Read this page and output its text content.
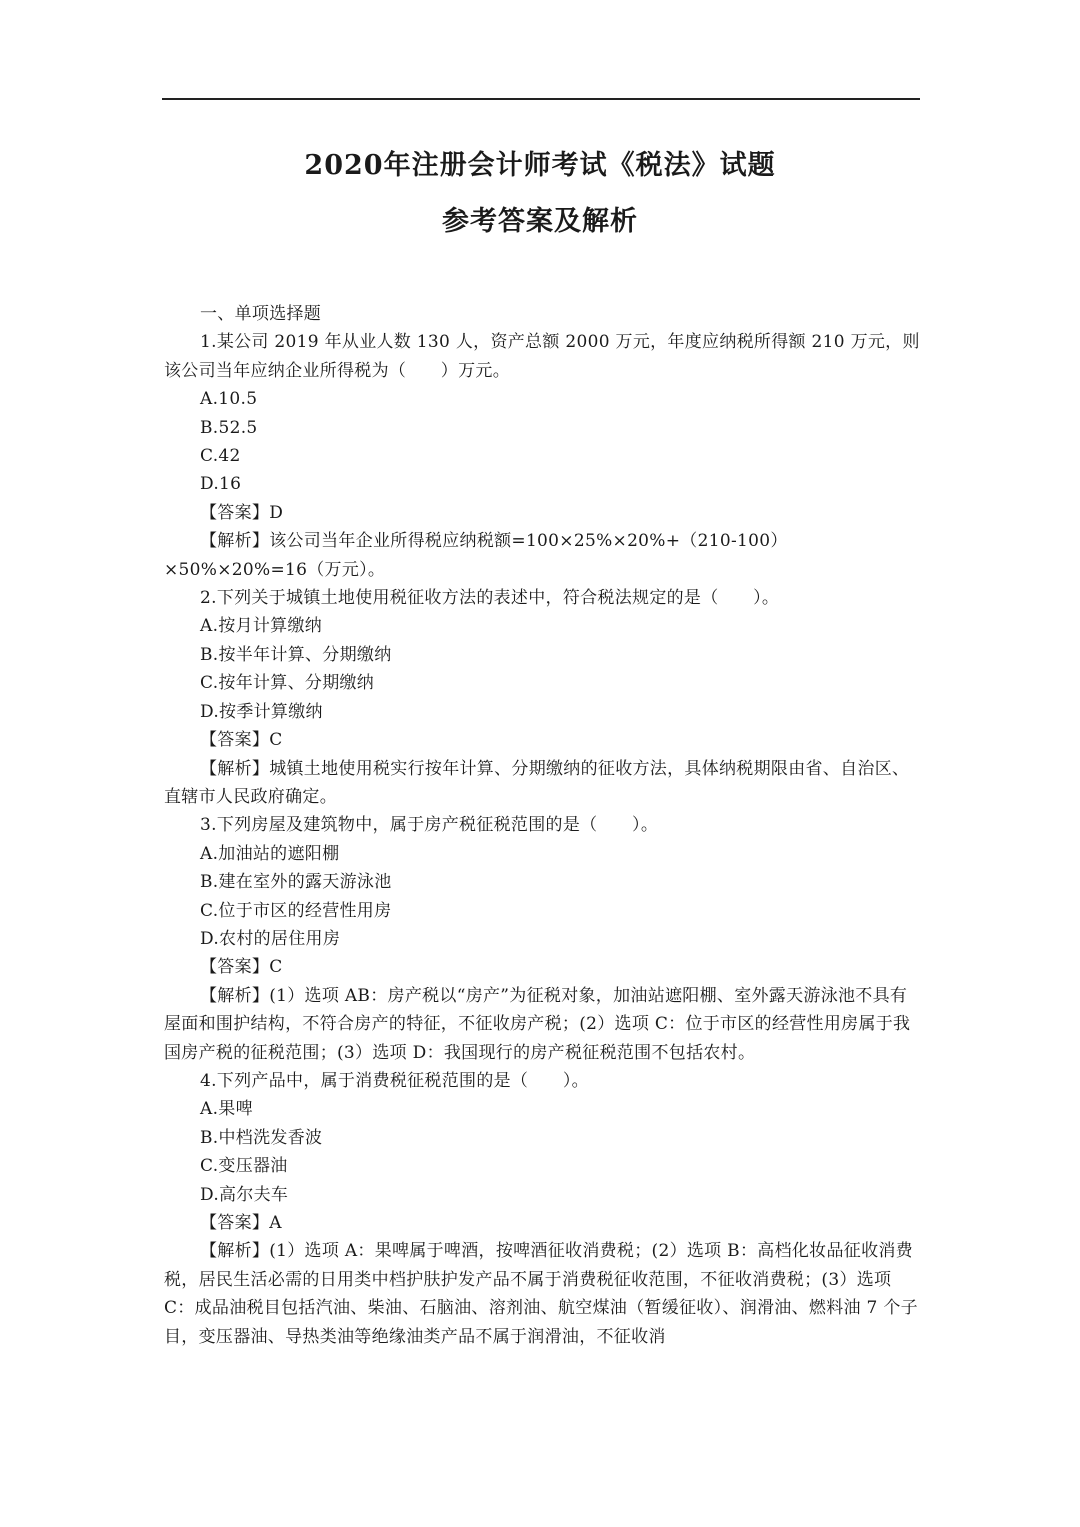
2020年注册会计师考试《税法》试题
参考答案及解析
一、单项选择题
1.某公司 2019 年从业人数 130 人，资产总额 2000 万元，年度应纳税所得额 210 万元，则该公司当年应纳企业所得税为（　　）万元。
A.10.5
B.52.5
C.42
D.16
【答案】D
【解析】该公司当年企业所得税应纳税额=100×25%×20%+（210-100）×50%×20%=16（万元）。
2.下列关于城镇土地使用税征收方法的表述中，符合税法规定的是（　　）。
A.按月计算缴纳
B.按半年计算、分期缴纳
C.按年计算、分期缴纳
D.按季计算缴纳
【答案】C
【解析】城镇土地使用税实行按年计算、分期缴纳的征收方法，具体纳税期限由省、自治区、直辖市人民政府确定。
3.下列房屋及建筑物中，属于房产税征税范围的是（　　）。
A.加油站的遮阳棚
B.建在室外的露天游泳池
C.位于市区的经营性用房
D.农村的居住用房
【答案】C
【解析】(1）选项 AB：房产税以“房产”为征税对象，加油站遮阳棚、室外露天游泳池不具有屋面和围护结构，不符合房产的特征，不征收房产税；(2）选项 C：位于市区的经营性用房属于我国房产税的征税范围；(3）选项 D：我国现行的房产税征税范围不包括农村。
4.下列产品中，属于消费税征税范围的是（　　）。
A.果啤
B.中档洗发香波
C.变压器油
D.高尔夫车
【答案】A
【解析】(1）选项 A：果啤属于啤酒，按啤酒征收消费税；(2）选项 B：高档化妆品征收消费税，居民生活必需的日用类中档护肤护发产品不属于消费税征收范围，不征收消费税；(3）选项 C：成品油税目包括汽油、柴油、石脑油、溶剂油、航空煤油（暂缓征收）、润滑油、燃料油 7 个子目，变压器油、导热类油等绝缘油类产品不属于润滑油，不征收消
